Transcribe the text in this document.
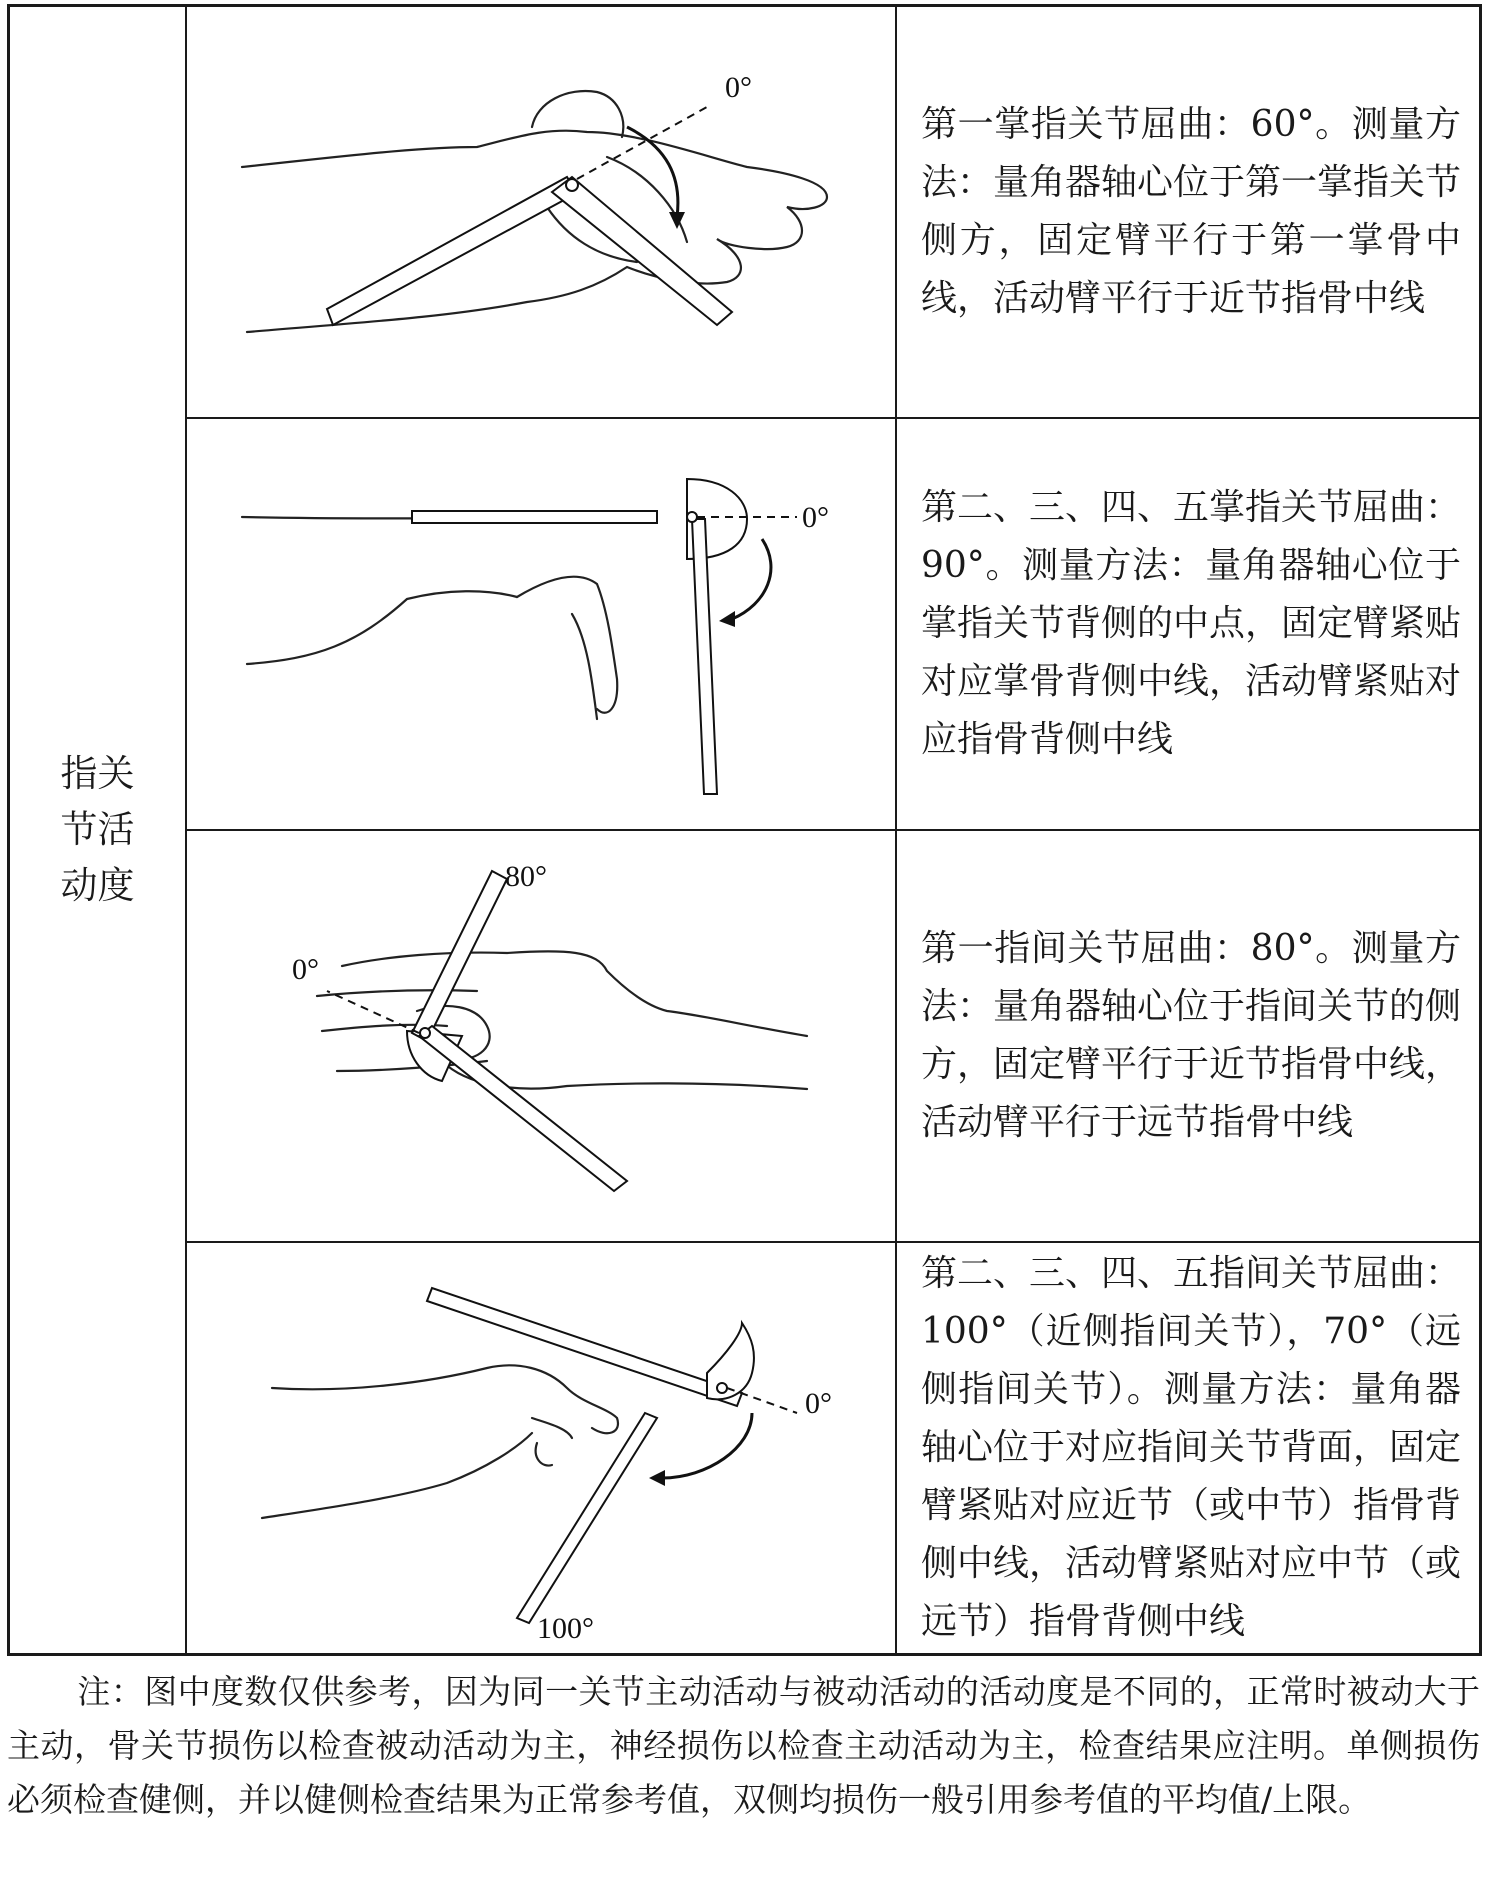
指关节活动度	0°	第一掌指关节屈曲：60°。测量方法：量角器轴心位于第一掌指关节侧方，固定臂平行于第一掌骨中线，活动臂平行于近节指骨中线

0°	第二、三、四、五掌指关节屈曲：90°。测量方法：量角器轴心位于掌指关节背侧的中点，固定臂紧贴对应掌骨背侧中线，活动臂紧贴对应指骨背侧中线

80°
0°	第一指间关节屈曲：80°。测量方法：量角器轴心位于指间关节的侧方，固定臂平行于近节指骨中线，活动臂平行于远节指骨中线

0°
100°	第二、三、四、五指间关节屈曲：100°（近侧指间关节），70°（远侧指间关节）。测量方法：量角器轴心位于对应指间关节背面，固定臂紧贴对应近节（或中节）指骨背侧中线，活动臂紧贴对应中节（或远节）指骨背侧中线
注：图中度数仅供参考，因为同一关节主动活动与被动活动的活动度是不同的，正常时被动大于主动，骨关节损伤以检查被动活动为主，神经损伤以检查主动活动为主，检查结果应注明。单侧损伤必须检查健侧，并以健侧检查结果为正常参考值，双侧均损伤一般引用参考值的平均值/上限。
